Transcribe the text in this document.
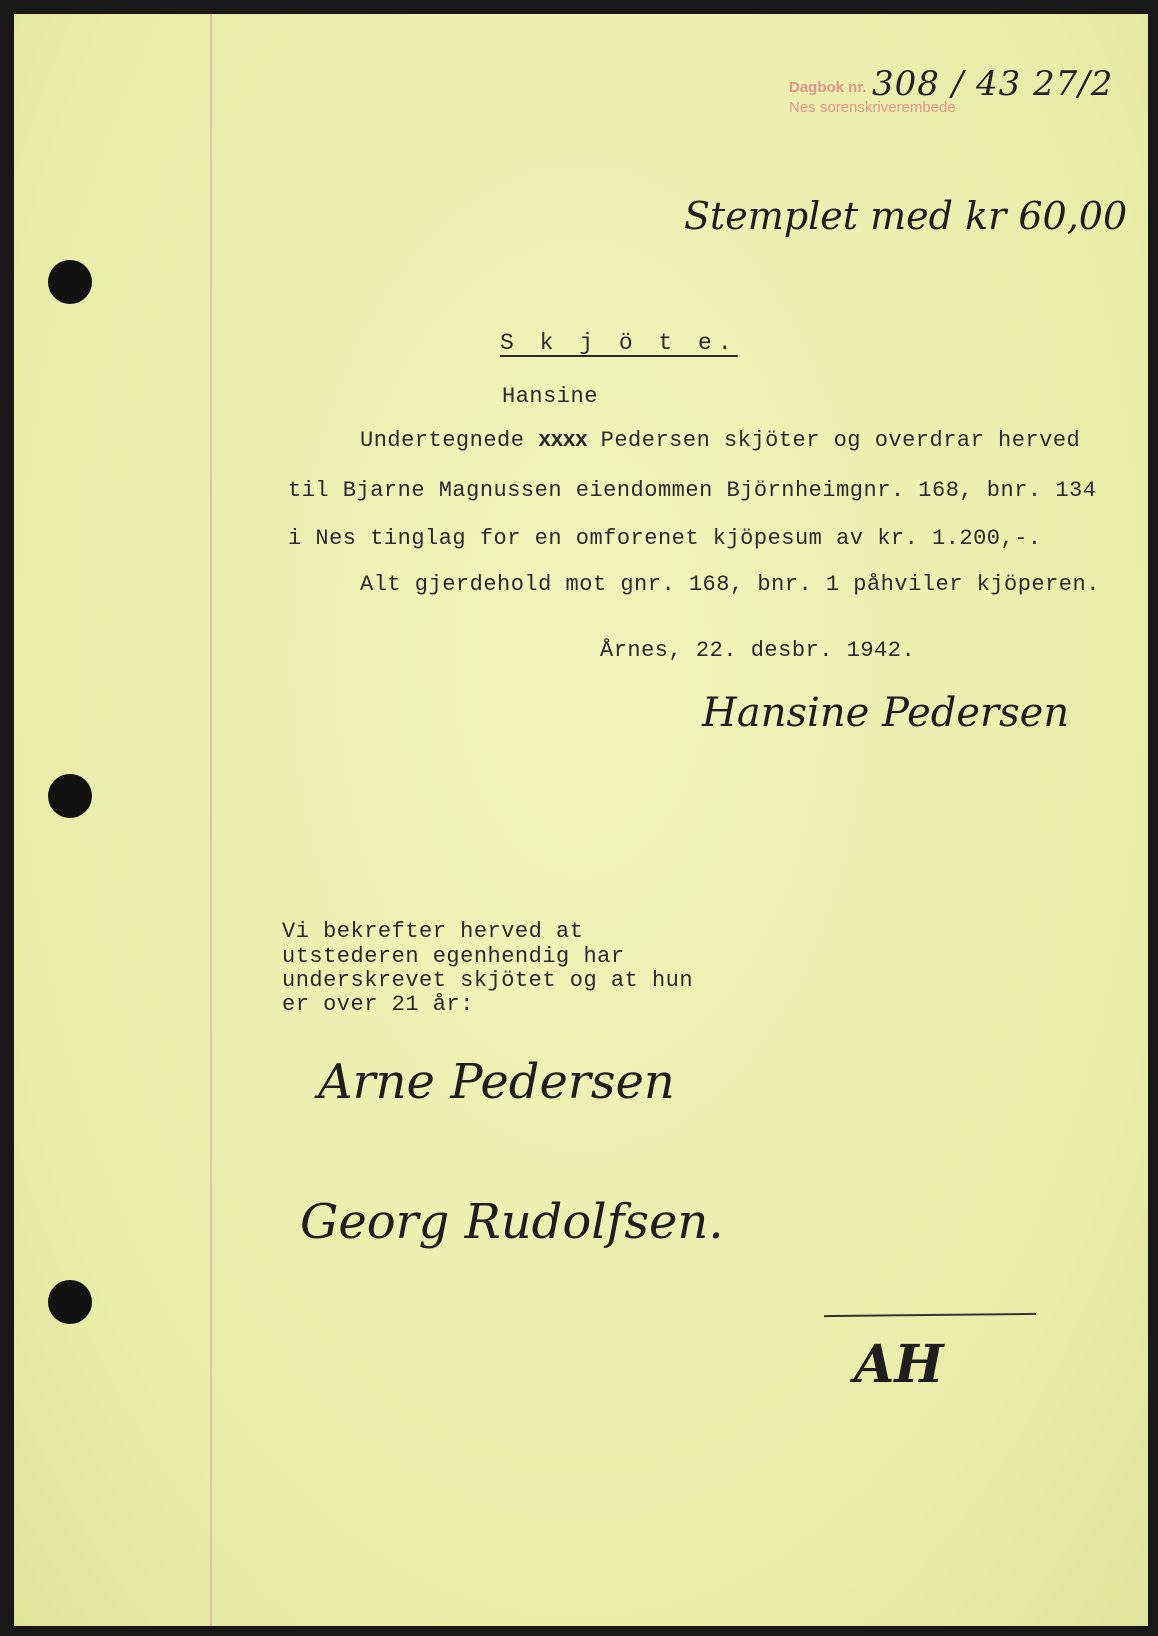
Dagbok nr.
Nes sorenskriverembede
308 / 43 27/2
Stemplet med kr 60,00
S k j ö t e.
Hansine
Undertegnede xxxx Pedersen skjöter og overdrar herved
til Bjarne Magnussen eiendommen Björnheimgnr. 168, bnr. 134
i Nes tinglag for en omforenet kjöpesum av kr. 1.200,-.
Alt gjerdehold mot gnr. 168, bnr. 1 påhviler kjöperen.
Årnes, 22. desbr. 1942.
Hansine Pedersen
Vi bekrefter herved at
utstederen egenhendig har
underskrevet skjötet og at hun
er over 21 år:
Arne Pedersen
Georg Rudolfsen.
AH
